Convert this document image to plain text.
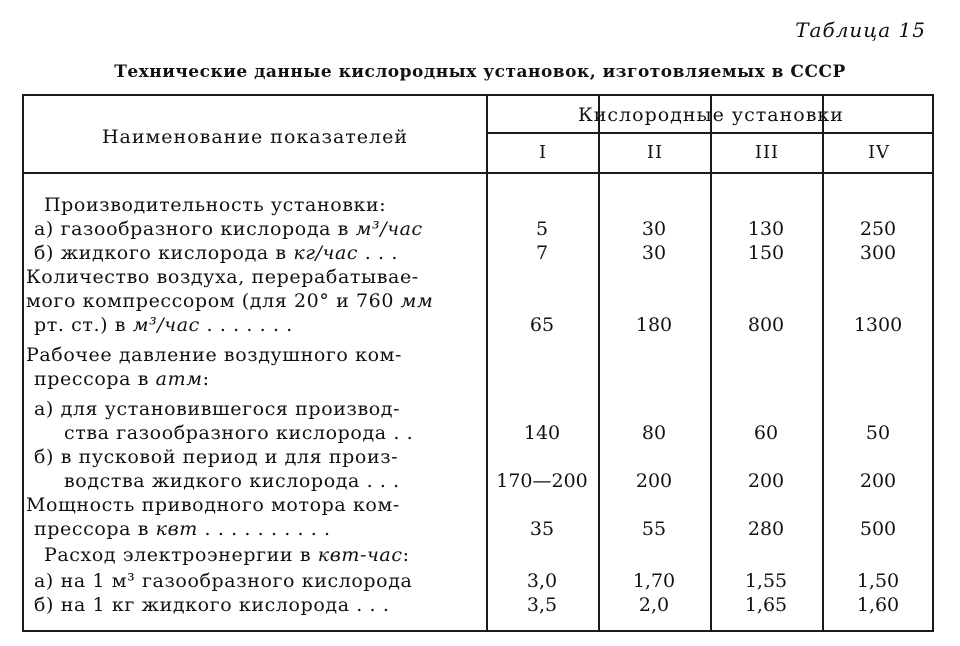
Таблица 15
Технические данные кислородных установок, изготовляемых в СССР
Наименование показателей
Кислородные установки
I	II	III	IV
Производительность установки:
а) газообразного кислорода в м³/час	5	30	130	250
б) жидкого кислорода в кг/час . . .	7	30	150	300
Количество воздуха, перерабатывае-
мого компрессором (для 20° и 760 мм
рт. ст.) в м³/час . . . . . . .	65	180	800	1300
Рабочее давление воздушного ком-
прессора в атм:
а) для установившегося производ-
ства газообразного кислорода . .	140	80	60	50
б) в пусковой период и для произ-
водства жидкого кислорода . . .	170—200	200	200	200
Мощность приводного мотора ком-
прессора в квт . . . . . . . . . .	35	55	280	500
Расход электроэнергии в квт-час:
а) на 1 м³ газообразного кислорода	3,0	1,70	1,55	1,50
б) на 1 кг жидкого кислорода . . .	3,5	2,0	1,65	1,60
